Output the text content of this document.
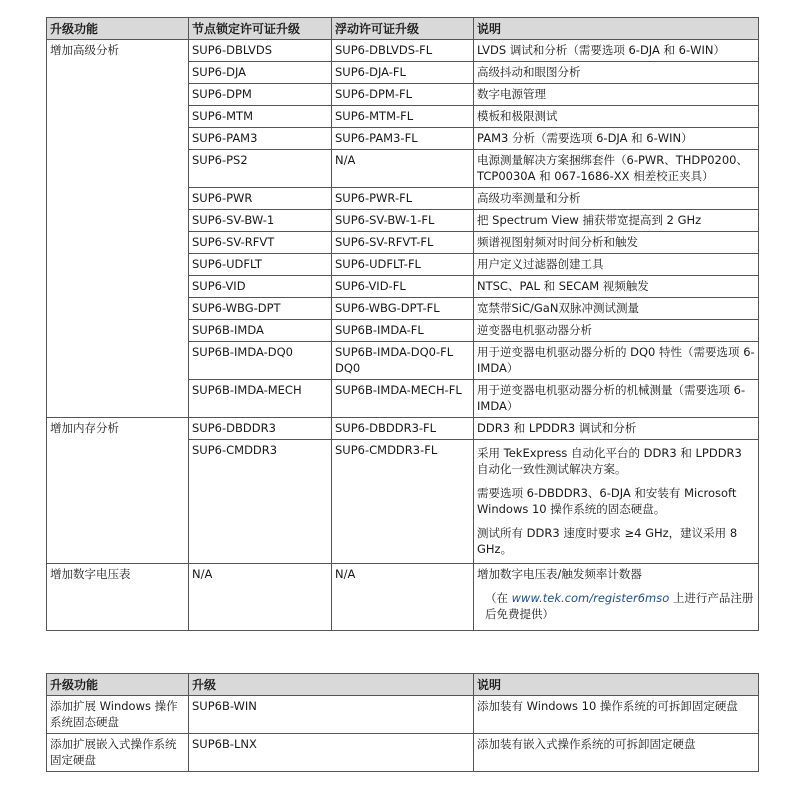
升级功能	节点锁定许可证升级	浮动许可证升级	说明
增加高级分析	SUP6-DBLVDS	SUP6-DBLVDS-FL	LVDS 调试和分析（需要选项 6-DJA 和 6-WIN）
	SUP6-DJA	SUP6-DJA-FL	高级抖动和眼图分析
	SUP6-DPM	SUP6-DPM-FL	数字电源管理
	SUP6-MTM	SUP6-MTM-FL	模板和极限测试
	SUP6-PAM3	SUP6-PAM3-FL	PAM3 分析（需要选项 6-DJA 和 6-WIN）
	SUP6-PS2	N/A	电源测量解决方案捆绑套件（6-PWR、THDP0200、TCP0030A 和 067-1686-XX 相差校正夹具）
	SUP6-PWR	SUP6-PWR-FL	高级功率测量和分析
	SUP6-SV-BW-1	SUP6-SV-BW-1-FL	把 Spectrum View 捕获带宽提高到 2 GHz
	SUP6-SV-RFVT	SUP6-SV-RFVT-FL	频谱视图射频对时间分析和触发
	SUP6-UDFLT	SUP6-UDFLT-FL	用户定义过滤器创建工具
	SUP6-VID	SUP6-VID-FL	NTSC、PAL 和 SECAM 视频触发
	SUP6-WBG-DPT	SUP6-WBG-DPT-FL	宽禁带SiC/GaN双脉冲测试测量
	SUP6B-IMDA	SUP6B-IMDA-FL	逆变器电机驱动器分析
	SUP6B-IMDA-DQ0	SUP6B-IMDA-DQ0-FL DQ0	用于逆变器电机驱动器分析的 DQ0 特性（需要选项 6-IMDA）
	SUP6B-IMDA-MECH	SUP6B-IMDA-MECH-FL	用于逆变器电机驱动器分析的机械测量（需要选项 6-IMDA）
增加内存分析	SUP6-DBDDR3	SUP6-DBDDR3-FL	DDR3 和 LPDDR3 调试和分析
	SUP6-CMDDR3	SUP6-CMDDR3-FL	采用 TekExpress 自动化平台的 DDR3 和 LPDDR3 自动化一致性测试解决方案。
需要选项 6-DBDDR3、6-DJA 和安装有 Microsoft Windows 10 操作系统的固态硬盘。
测试所有 DDR3 速度时要求 ≥4 GHz，建议采用 8 GHz。

增加数字电压表	N/A	N/A	增加数字电压表/触发频率计数器
（在 www.tek.com/register6mso 上进行产品注册后免费提供）
升级功能	升级	说明
添加扩展 Windows 操作系统固态硬盘	SUP6B-WIN	添加装有 Windows 10 操作系统的可拆卸固定硬盘
添加扩展嵌入式操作系统固定硬盘	SUP6B-LNX	添加装有嵌入式操作系统的可拆卸固定硬盘
